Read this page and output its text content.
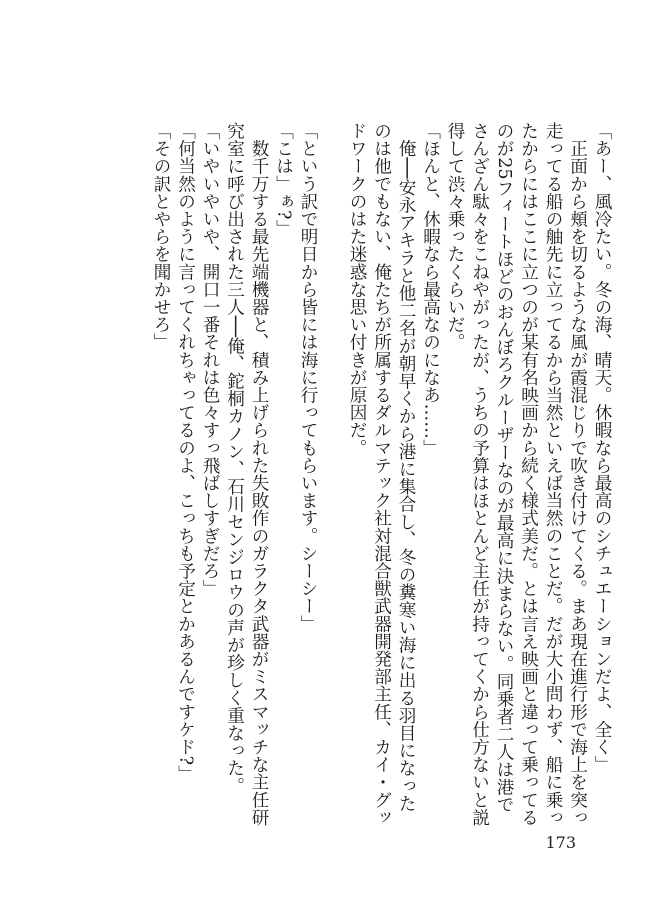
「あー、風冷たい。冬の海、晴天。休暇なら最高のシチュエーションだよ、全く」
　正面から頬を切るような風が霞混じりで吹き付けてくる。まあ現在進行形で海上を突っ
走ってる船の舳先に立ってるから当然といえば当然のことだ。だが大小問わず、船に乗っ
たからにはここに立つのが某有名映画から続く様式美だ。とは言え映画と違って乗ってる
のが25フィートほどのおんぼろクルーザーなのが最高に決まらない。同乗者二人は港で
さんざん駄々をこねやがったが、うちの予算はほとんど主任が持ってくから仕方ないと説
得して渋々乗ったくらいだ。
「ほんと、休暇なら最高なのになあ……」
　俺──安永アキラと他二名が朝早くから港に集合し、冬の糞寒い海に出る羽目になった
のは他でもない、俺たちが所属するダルマテック社対混合獣武器開発部主任、カイ・グッ
ドワークのはた迷惑な思い付きが原因だ。
「という訳で明日から皆には海に行ってもらいます。シーシー」
「こは」ぁ?」
　数千万する最先端機器と、積み上げられた失敗作のガラクタ武器がミスマッチな主任研
究室に呼び出された三人──俺、鉈桐カノン、石川センジロウの声が珍しく重なった。
「いやいやいや、開口一番それは色々すっ飛ばしすぎだろ」
「何当然のように言ってくれちゃってるのよ、こっちも予定とかあるんですケド?」
「その訳とやらを聞かせろ」
173
